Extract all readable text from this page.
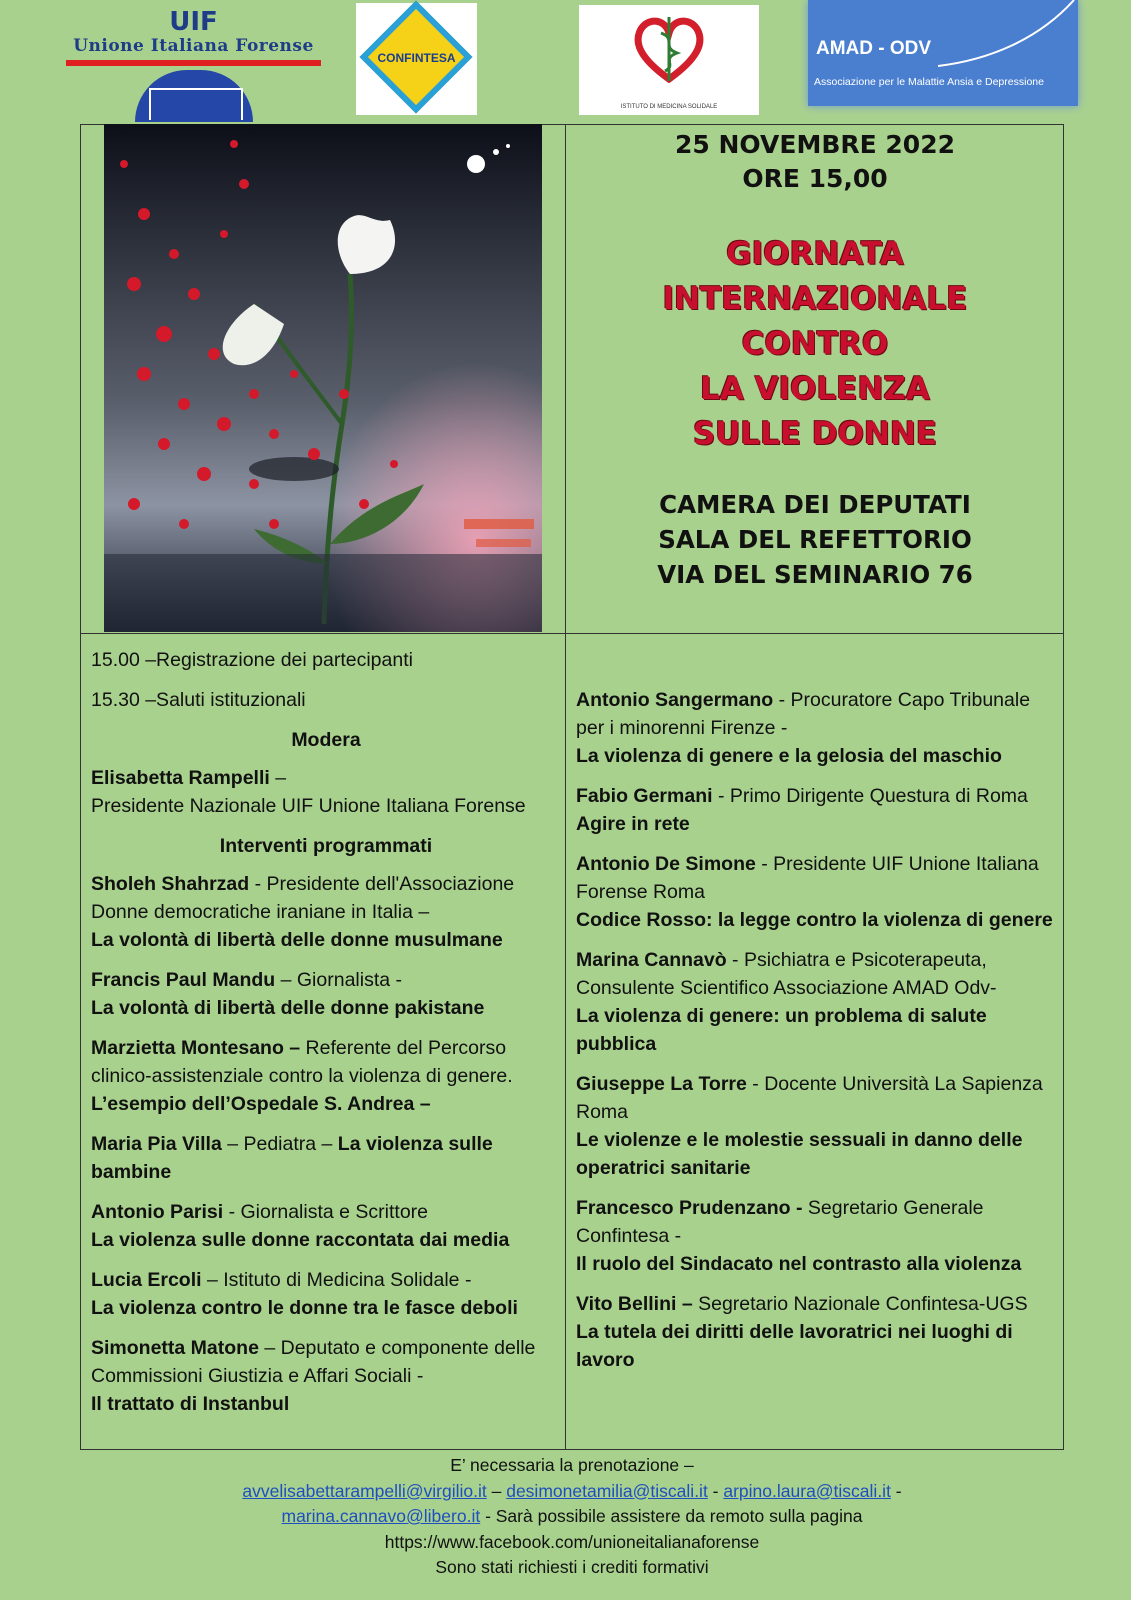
UIF
Unione Italiana Forense
CONFINTESA
ISTITUTO DI MEDICINA SOLIDALE
AMAD - ODV
Associazione per le Malattie Ansia e Depressione
25 NOVEMBRE 2022
ORE 15,00
GIORNATA
INTERNAZIONALE
CONTRO
LA VIOLENZA
SULLE DONNE
CAMERA DEI DEPUTATI
SALA DEL REFETTORIO
VIA DEL SEMINARIO 76

15.00 –Registrazione dei partecipanti

15.30 –Saluti istituzionali

Modera

Elisabetta Rampelli –
Presidente Nazionale UIF Unione Italiana Forense

Interventi programmati

Sholeh Shahrzad - Presidente dell'Associazione Donne democratiche iraniane in Italia –
La volontà di libertà delle donne musulmane

Francis Paul Mandu – Giornalista -
La volontà di libertà delle donne pakistane

Marzietta Montesano – Referente del Percorso clinico-assistenziale contro la violenza di genere.
L’esempio dell’Ospedale S. Andrea –

Maria Pia Villa – Pediatra – La violenza sulle bambine

Antonio Parisi - Giornalista e Scrittore
La violenza sulle donne raccontata dai media

Lucia Ercoli – Istituto di Medicina Solidale -
La violenza contro le donne tra le fasce deboli

Simonetta Matone – Deputato e componente delle Commissioni Giustizia e Affari Sociali -
Il trattato di Instanbul

Antonio Sangermano - Procuratore Capo Tribunale per i minorenni Firenze -
La violenza di genere e la gelosia del maschio

Fabio Germani - Primo Dirigente Questura di Roma
Agire in rete

Antonio De Simone - Presidente UIF Unione Italiana Forense Roma
Codice Rosso: la legge contro la violenza di genere

Marina Cannavò - Psichiatra e Psicoterapeuta, Consulente Scientifico Associazione AMAD Odv-
La violenza di genere: un problema di salute pubblica

Giuseppe La Torre - Docente Università La Sapienza Roma
Le violenze e le molestie sessuali in danno delle operatrici sanitarie

Francesco Prudenzano - Segretario Generale Confintesa -
Il ruolo del Sindacato nel contrasto alla violenza

Vito Bellini – Segretario Nazionale Confintesa-UGS
La tutela dei diritti delle lavoratrici nei luoghi di lavoro

E’ necessaria la prenotazione –
avvelisabettarampelli@virgilio.it – desimonetamilia@tiscali.it - arpino.laura@tiscali.it -
marina.cannavo@libero.it - Sarà possibile assistere da remoto sulla pagina
https://www.facebook.com/unioneitalianaforense
Sono stati richiesti i crediti formativi
